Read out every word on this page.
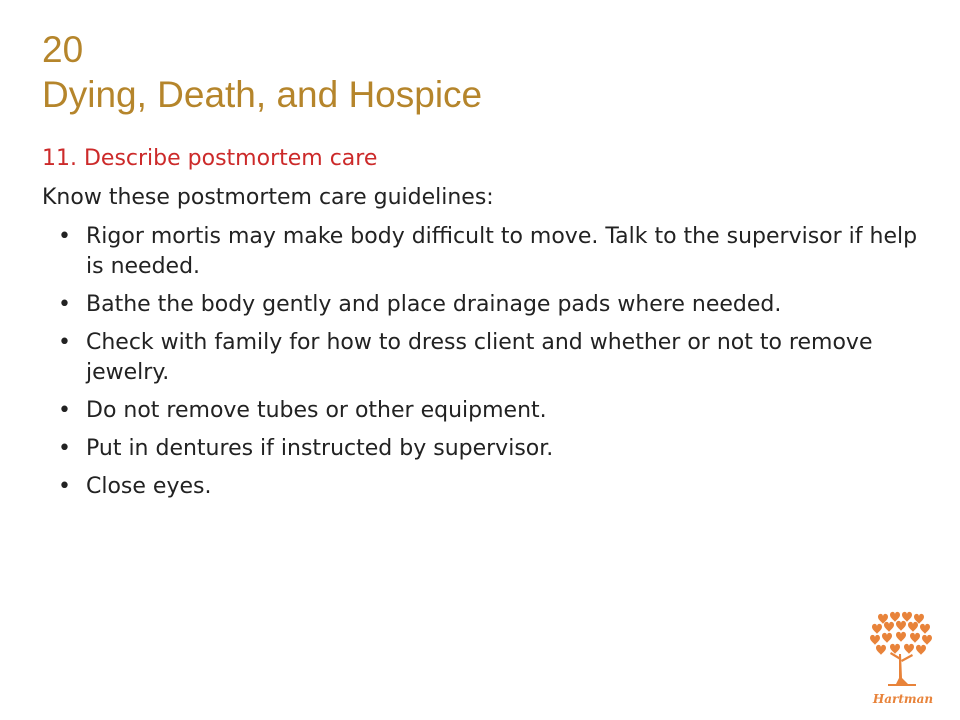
20
Dying, Death, and Hospice

11. Describe postmortem care

Know these postmortem care guidelines:

• Rigor mortis may make body difficult to move. Talk to the supervisor if help is needed.
• Bathe the body gently and place drainage pads where needed.
• Check with family for how to dress client and whether or not to remove jewelry.
• Do not remove tubes or other equipment.
• Put in dentures if instructed by supervisor.
• Close eyes.
Hartman
